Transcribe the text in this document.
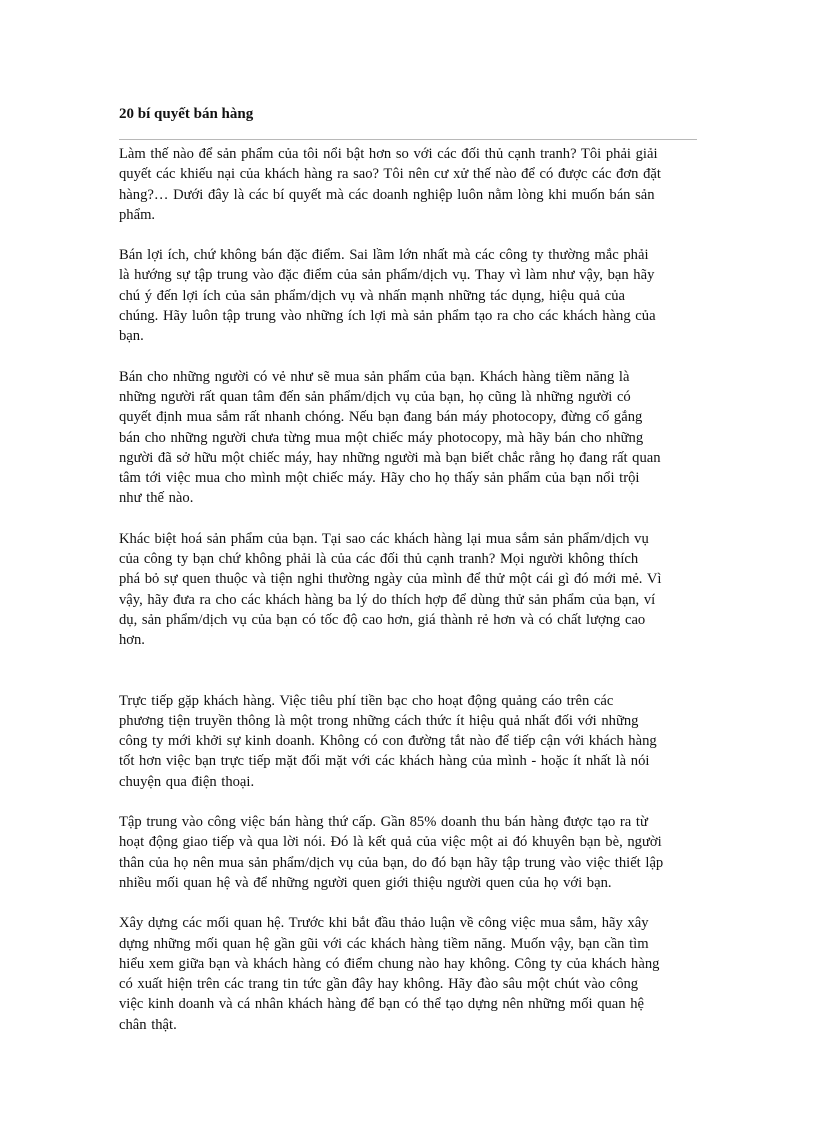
20 bí quyết bán hàng

Làm thế nào để sản phẩm của tôi nổi bật hơn so với các đối thủ cạnh tranh? Tôi phải giải
quyết các khiếu nại của khách hàng ra sao? Tôi nên cư xử thế nào để có được các đơn đặt
hàng?… Dưới đây là các bí quyết mà các doanh nghiệp luôn nằm lòng khi muốn bán sản
phẩm.

Bán lợi ích, chứ không bán đặc điểm. Sai lầm lớn nhất mà các công ty thường mắc phải
là hướng sự tập trung vào đặc điểm của sản phẩm/dịch vụ. Thay vì làm như vậy, bạn hãy
chú ý đến lợi ích của sản phẩm/dịch vụ và nhấn mạnh những tác dụng, hiệu quả của
chúng. Hãy luôn tập trung vào những ích lợi mà sản phẩm tạo ra cho các khách hàng của
bạn.

Bán cho những người có vẻ như sẽ mua sản phẩm của bạn. Khách hàng tiềm năng là
những người rất quan tâm đến sản phẩm/dịch vụ của bạn, họ cũng là những người có
quyết định mua sắm rất nhanh chóng. Nếu bạn đang bán máy photocopy, đừng cố gắng
bán cho những người chưa từng mua một chiếc máy photocopy, mà hãy bán cho những
người đã sở hữu một chiếc máy, hay những người mà bạn biết chắc rằng họ đang rất quan
tâm tới việc mua cho mình một chiếc máy. Hãy cho họ thấy sản phẩm của bạn nổi trội
như thế nào.

Khác biệt hoá sản phẩm của bạn. Tại sao các khách hàng lại mua sắm sản phẩm/dịch vụ
của công ty bạn chứ không phải là của các đối thủ cạnh tranh? Mọi người không thích
phá bỏ sự quen thuộc và tiện nghi thường ngày của mình để thử một cái gì đó mới mẻ. Vì
vậy, hãy đưa ra cho các khách hàng ba lý do thích hợp để dùng thử sản phẩm của bạn, ví
dụ, sản phẩm/dịch vụ của bạn có tốc độ cao hơn, giá thành rẻ hơn và có chất lượng cao
hơn.

Trực tiếp gặp khách hàng. Việc tiêu phí tiền bạc cho hoạt động quảng cáo trên các
phương tiện truyền thông là một trong những cách thức ít hiệu quả nhất đối với những
công ty mới khởi sự kinh doanh. Không có con đường tắt nào để tiếp cận với khách hàng
tốt hơn việc bạn trực tiếp mặt đối mặt với các khách hàng của mình - hoặc ít nhất là nói
chuyện qua điện thoại.

Tập trung vào công việc bán hàng thứ cấp. Gần 85% doanh thu bán hàng được tạo ra từ
hoạt động giao tiếp và qua lời nói. Đó là kết quả của việc một ai đó khuyên bạn bè, người
thân của họ nên mua sản phẩm/dịch vụ của bạn, do đó bạn hãy tập trung vào việc thiết lập
nhiều mối quan hệ và để những người quen giới thiệu người quen của họ với bạn.

Xây dựng các mối quan hệ. Trước khi bắt đầu thảo luận về công việc mua sắm, hãy xây
dựng những mối quan hệ gần gũi với các khách hàng tiềm năng. Muốn vậy, bạn cần tìm
hiểu xem giữa bạn và khách hàng có điểm chung nào hay không. Công ty của khách hàng
có xuất hiện trên các trang tin tức gần đây hay không. Hãy đào sâu một chút vào công
việc kinh doanh và cá nhân khách hàng để bạn có thể tạo dựng nên những mối quan hệ
chân thật.
